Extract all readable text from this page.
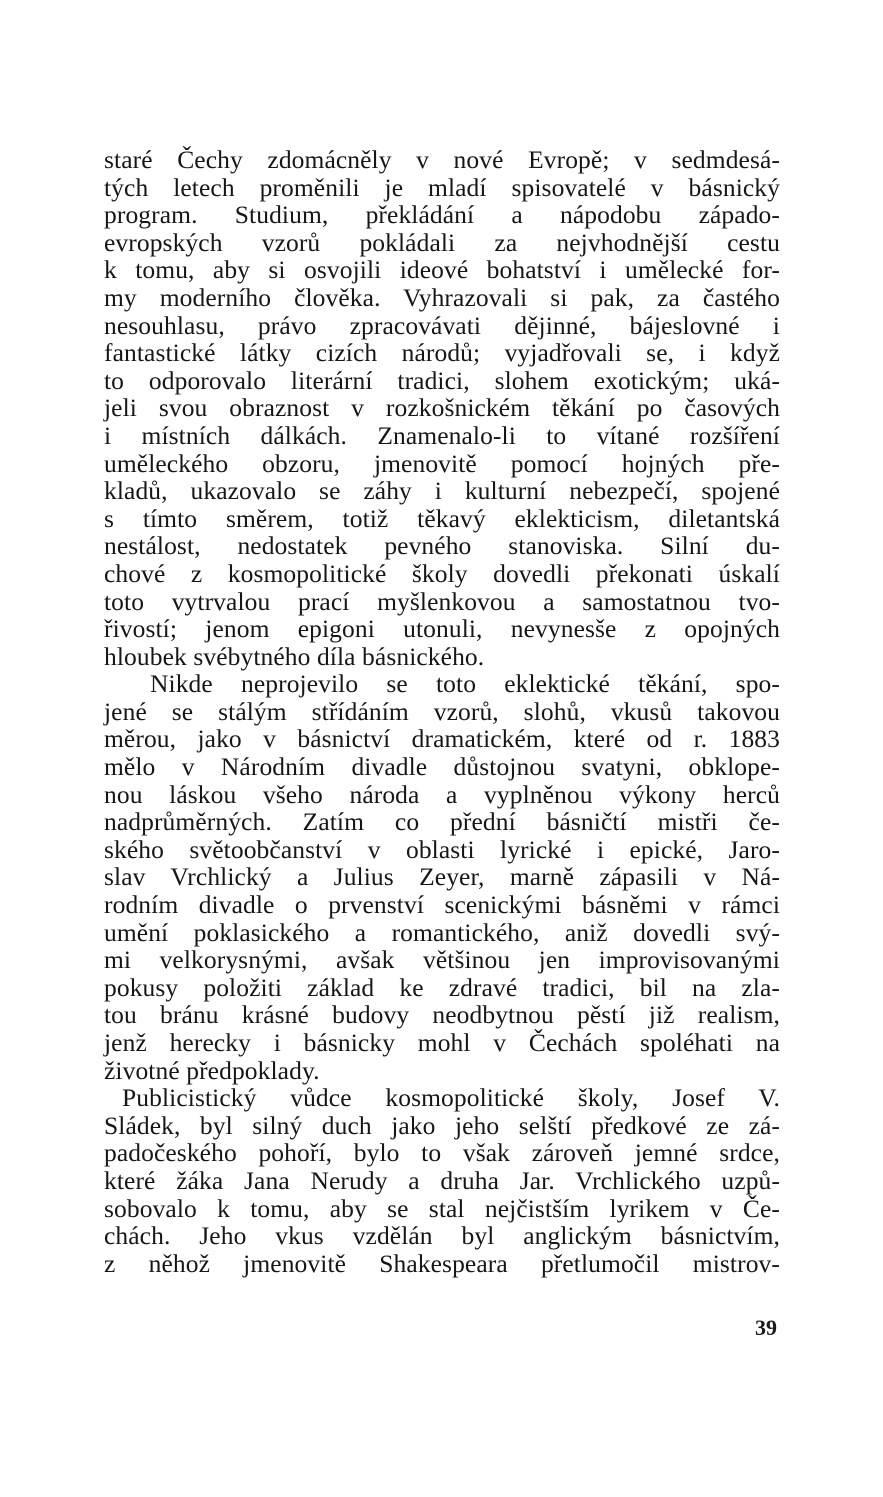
staré Čechy zdomácněly v nové Evropě; v sedmdesá-
tých letech proměnili je mladí spisovatelé v básnický
program. Studium, překládání a nápodobu západo-
evropských vzorů pokládali za nejvhodnější cestu
k tomu, aby si osvojili ideové bohatství i umělecké for-
my moderního člověka. Vyhrazovali si pak, za častého
nesouhlasu, právo zpracovávati dějinné, bájeslovné i
fantastické látky cizích národů; vyjadřovali se, i když
to odporovalo literární tradici, slohem exotickým; uká-
jeli svou obraznost v rozkošnickém těkání po časových
i místních dálkách. Znamenalo-li to vítané rozšíření
uměleckého obzoru, jmenovitě pomocí hojných pře-
kladů, ukazovalo se záhy i kulturní nebezpečí, spojené
s tímto směrem, totiž těkavý eklekticism, diletantská
nestálost, nedostatek pevného stanoviska. Silní du-
chové z kosmopolitické školy dovedli překonati úskalí
toto vytrvalou prací myšlenkovou a samostatnou tvo-
řivostí; jenom epigoni utonuli, nevynesše z opojných
hloubek svébytného díla básnického.
Nikde neprojevilo se toto eklektické těkání, spo-
jené se stálým střídáním vzorů, slohů, vkusů takovou
měrou, jako v básnictví dramatickém, které od r. 1883
mělo v Národním divadle důstojnou svatyni, obklope-
nou láskou všeho národa a vyplněnou výkony herců
nadprůměrných. Zatím co přední básničtí mistři če-
ského světoobčanství v oblasti lyrické i epické, Jaro-
slav Vrchlický a Julius Zeyer, marně zápasili v Ná-
rodním divadle o prvenství scenickými básněmi v rámci
umění poklasického a romantického, aniž dovedli svý-
mi velkorysnými, avšak většinou jen improvisovanými
pokusy položiti základ ke zdravé tradici, bil na zla-
tou bránu krásné budovy neodbytnou pěstí již realism,
jenž herecky i básnicky mohl v Čechách spoléhati na
životné předpoklady.
Publicistický vůdce kosmopolitické školy, Josef V.
Sládek, byl silný duch jako jeho selští předkové ze zá-
padočeského pohoří, bylo to však zároveň jemné srdce,
které žáka Jana Nerudy a druha Jar. Vrchlického uzpů-
sobovalo k tomu, aby se stal nejčistším lyrikem v Če-
chách. Jeho vkus vzdělán byl anglickým básnictvím,
z něhož jmenovitě Shakespeara přetlumočil mistrov-
39
